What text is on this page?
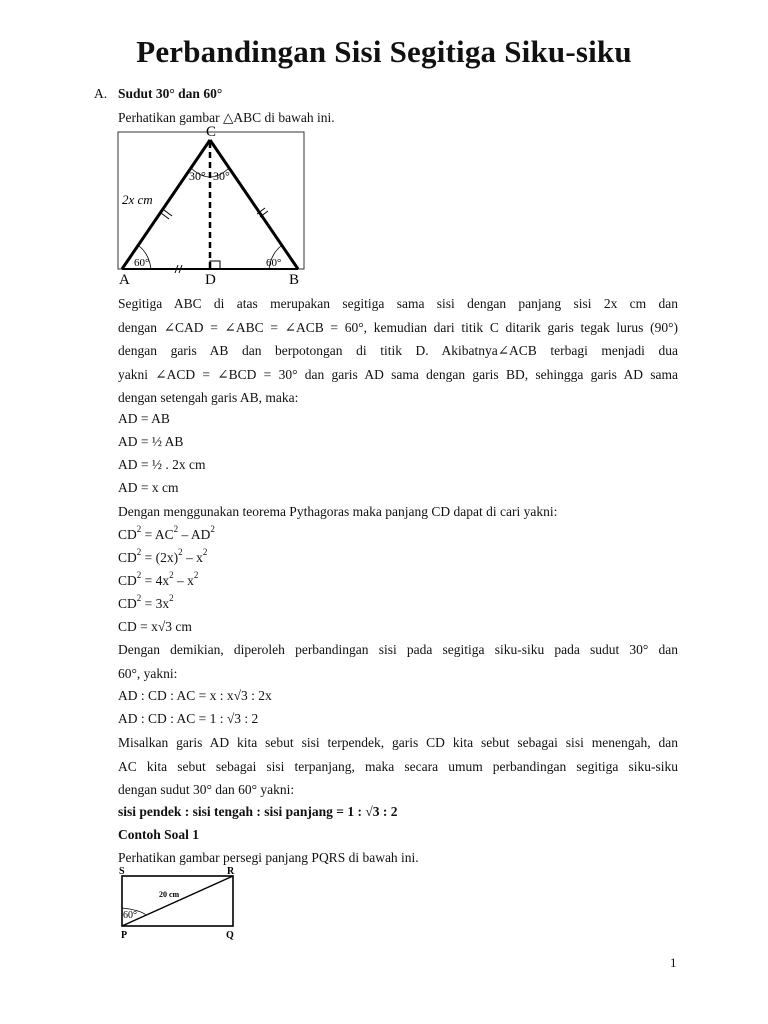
Perbandingan Sisi Segitiga Siku-siku
A. Sudut 30° dan 60°
Perhatikan gambar △ABC di bawah ini.
C
30° 30°
2x cm
60°	60°
A	D	B
Segitiga ABC di atas merupakan segitiga sama sisi dengan panjang sisi 2x cm dan
dengan ∠CAD = ∠ABC = ∠ACB = 60°, kemudian dari titik C ditarik garis tegak lurus (90°)
dengan garis AB dan berpotongan di titik D. Akibatnya∠ACB terbagi menjadi dua
yakni ∠ACD = ∠BCD = 30° dan garis AD sama dengan garis BD, sehingga garis AD sama
dengan setengah garis AB, maka:
AD = AB
AD = ½ AB
AD = ½ . 2x cm
AD = x cm
Dengan menggunakan teorema Pythagoras maka panjang CD dapat di cari yakni:
$CD^2 = AC^2 - AD^2$
$CD^2 = (2x)^2 - x^2$
$CD^2 = 4x^2 - x^2$
$CD^2 = 3x^2$
CD = x√3 cm
Dengan demikian, diperoleh perbandingan sisi pada segitiga siku-siku pada sudut 30° dan
60°, yakni:
AD : CD : AC = x : x√3 : 2x
AD : CD : AC = 1 : √3 : 2
Misalkan garis AD kita sebut sisi terpendek, garis CD kita sebut sebagai sisi menengah, dan
AC kita sebut sebagai sisi terpanjang, maka secara umum perbandingan segitiga siku-siku
dengan sudut 30° dan 60° yakni:
sisi pendek : sisi tengah : sisi panjang = 1 : √3 : 2
Contoh Soal 1
Perhatikan gambar persegi panjang PQRS di bawah ini.
S	R
20 cm
60°
P	Q
1
